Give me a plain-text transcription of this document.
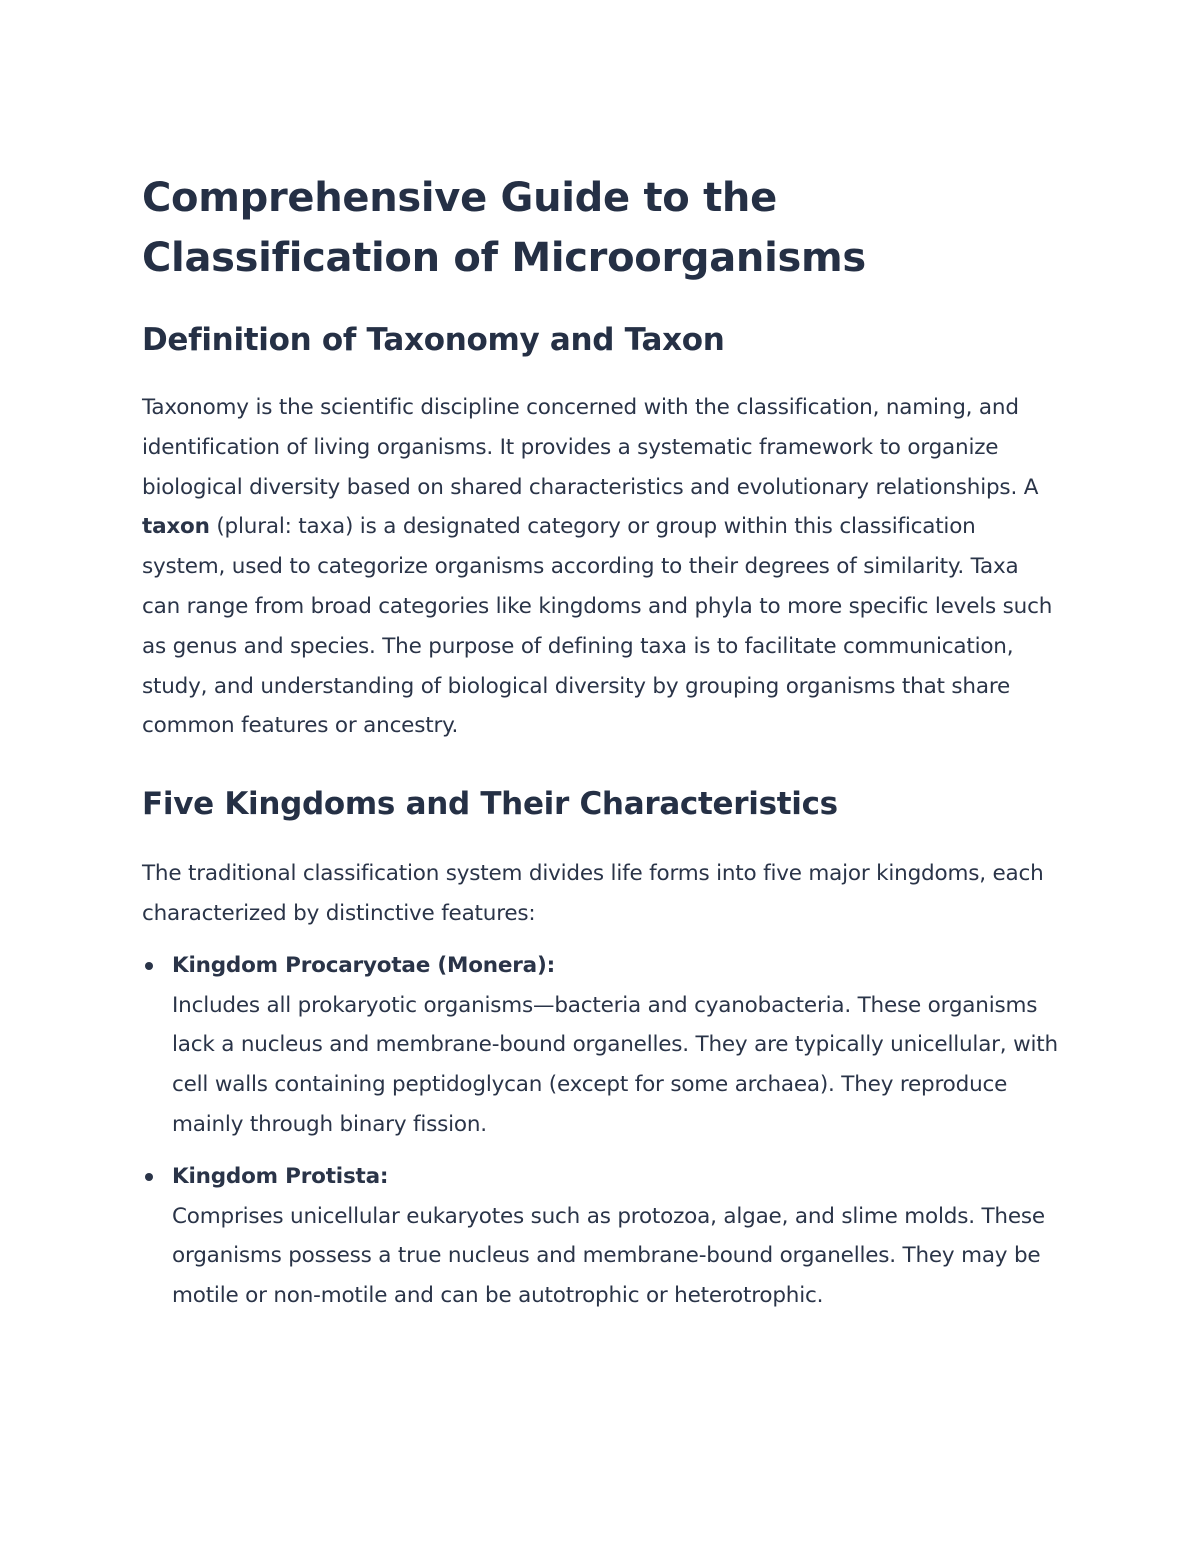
Comprehensive Guide to the
Classification of Microorganisms
Definition of Taxonomy and Taxon

Taxonomy is the scientific discipline concerned with the classification, naming, and identification of living organisms. It provides a systematic framework to organize biological diversity based on shared characteristics and evolutionary relationships. A taxon (plural: taxa) is a designated category or group within this classification system, used to categorize organisms according to their degrees of similarity. Taxa can range from broad categories like kingdoms and phyla to more specific levels such as genus and species. The purpose of defining taxa is to facilitate communication, study, and understanding of biological diversity by grouping organisms that share common features or ancestry.

Five Kingdoms and Their Characteristics

The traditional classification system divides life forms into five major kingdoms, each characterized by distinctive features:

Kingdom Procaryotae (Monera):
Includes all prokaryotic organisms—bacteria and cyanobacteria. These organisms lack a nucleus and membrane-bound organelles. They are typically unicellular, with cell walls containing peptidoglycan (except for some archaea). They reproduce mainly through binary fission.
Kingdom Protista:
Comprises unicellular eukaryotes such as protozoa, algae, and slime molds. These organisms possess a true nucleus and membrane-bound organelles. They may be motile or non-motile and can be autotrophic or heterotrophic.
